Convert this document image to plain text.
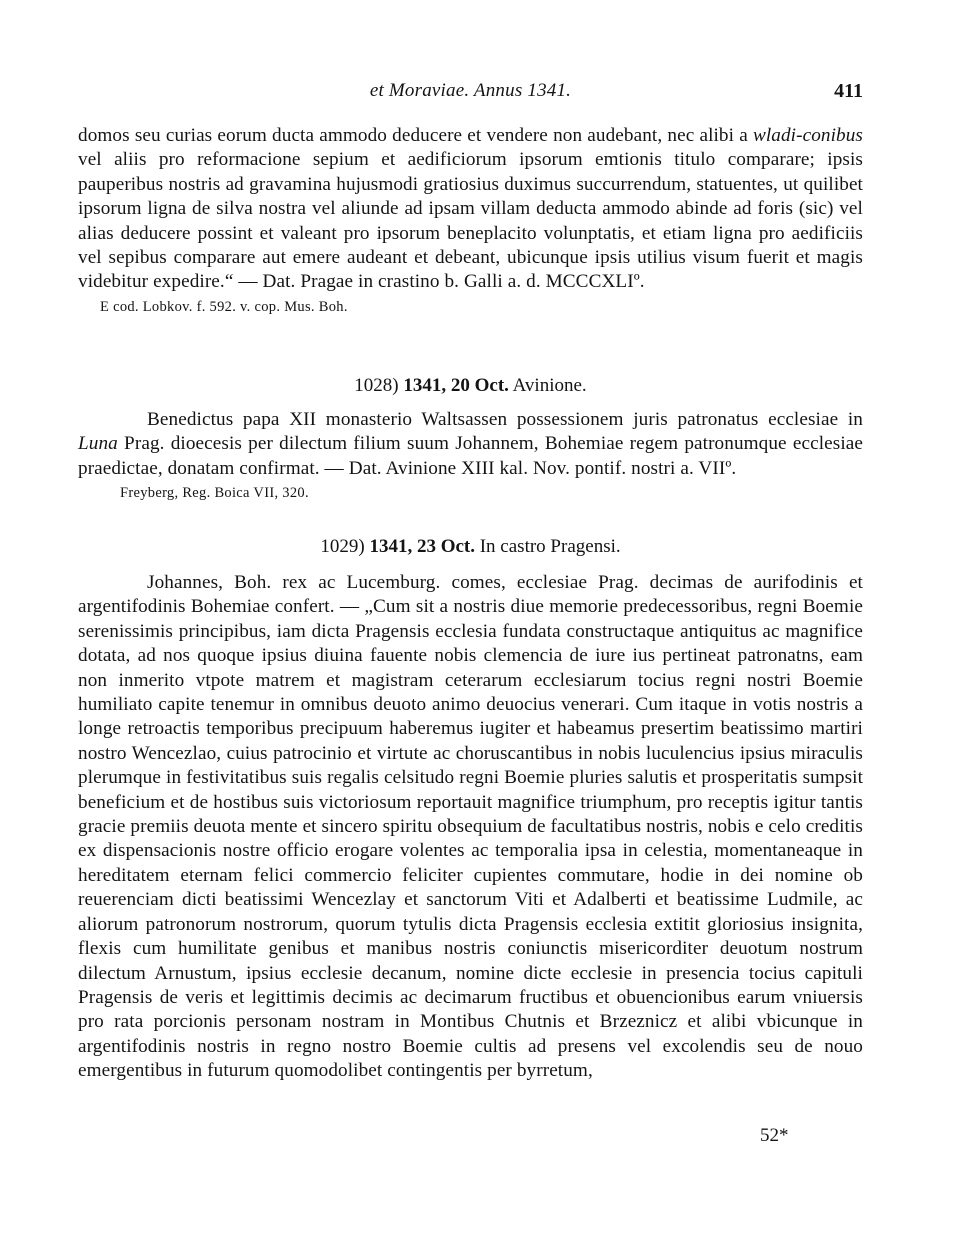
et Moraviae. Annus 1341.	411

domos seu curias eorum ducta ammodo deducere et vendere non audebant, nec alibi a wladi-conibus vel aliis pro reformacione sepium et aedificiorum ipsorum emtionis titulo comparare; ipsis pauperibus nostris ad gravamina hujusmodi gratiosius duximus succurrendum, statuentes, ut quilibet ipsorum ligna de silva nostra vel aliunde ad ipsam villam deducta ammodo abinde ad foris (sic) vel alias deducere possint et valeant pro ipsorum beneplacito volunptatis, et etiam ligna pro aedificiis vel sepibus comparare aut emere audeant et debeant, ubicunque ipsis utilius visum fuerit et magis videbitur expedire.“ — Dat. Pragae in crastino b. Galli a. d. MCCCXLIº.

E cod. Lobkov. f. 592. v. cop. Mus. Boh.

1028) 1341, 20 Oct. Avinione.

Benedictus papa XII monasterio Waltsassen possessionem juris patronatus ecclesiae in Luna Prag. dioecesis per dilectum filium suum Johannem, Bohemiae regem patronumque ecclesiae praedictae, donatam confirmat. — Dat. Avinione XIII kal. Nov. pontif. nostri a. VIIº.

Freyberg, Reg. Boica VII, 320.

1029) 1341, 23 Oct. In castro Pragensi.

Johannes, Boh. rex ac Lucemburg. comes, ecclesiae Prag. decimas de aurifodinis et argentifodinis Bohemiae confert. — „Cum sit a nostris diue memorie predecessoribus, regni Boemie serenissimis principibus, iam dicta Pragensis ecclesia fundata constructaque antiquitus ac magnifice dotata, ad nos quoque ipsius diuina fauente nobis clemencia de iure ius pertineat patronatns, eam non inmerito vtpote matrem et magistram ceterarum ecclesiarum tocius regni nostri Boemie humiliato capite tenemur in omnibus deuoto animo deuocius venerari. Cum itaque in votis nostris a longe retroactis temporibus precipuum haberemus iugiter et habeamus presertim beatissimo martiri nostro Wencezlao, cuius patrocinio et virtute ac choruscantibus in nobis luculencius ipsius miraculis plerumque in festivitatibus suis regalis celsitudo regni Boemie pluries salutis et prosperitatis sumpsit beneficium et de hostibus suis victoriosum reportauit magnifice triumphum, pro receptis igitur tantis gracie premiis deuota mente et sincero spiritu obsequium de facultatibus nostris, nobis e celo creditis ex dispensacionis nostre officio erogare volentes ac temporalia ipsa in celestia, momentaneaque in hereditatem eternam felici commercio feliciter cupientes commutare, hodie in dei nomine ob reuerenciam dicti beatissimi Wencezlay et sanctorum Viti et Adalberti et beatissime Ludmile, ac aliorum patronorum nostrorum, quorum tytulis dicta Pragensis ecclesia extitit gloriosius insignita, flexis cum humilitate genibus et manibus nostris coniunctis misericorditer deuotum nostrum dilectum Arnustum, ipsius ecclesie decanum, nomine dicte ecclesie in presencia tocius capituli Pragensis de veris et legittimis decimis ac decimarum fructibus et obuencionibus earum vniuersis pro rata porcionis personam nostram in Montibus Chutnis et Brzeznicz et alibi vbicunque in argentifodinis nostris in regno nostro Boemie cultis ad presens vel excolendis seu de nouo emergentibus in futurum quomodolibet contingentis per byrretum,

52*
